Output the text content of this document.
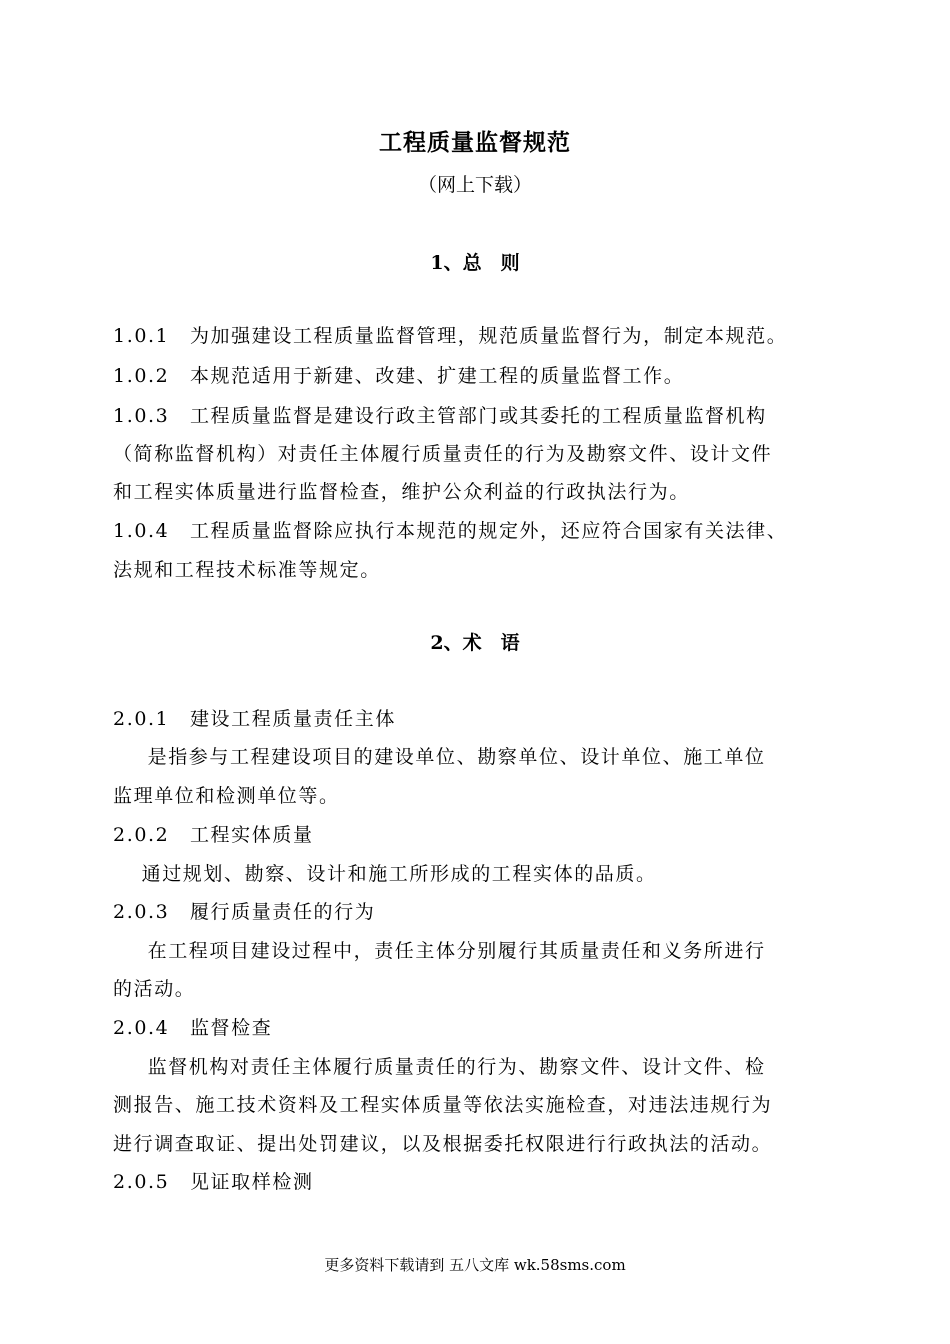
工程质量监督规范
（网上下载）
1、总　则
1.0.1　为加强建设工程质量监督管理，规范质量监督行为，制定本规范。
1.0.2　本规范适用于新建、改建、扩建工程的质量监督工作。
1.0.3　工程质量监督是建设行政主管部门或其委托的工程质量监督机构
（简称监督机构）对责任主体履行质量责任的行为及勘察文件、设计文件
和工程实体质量进行监督检查，维护公众利益的行政执法行为。
1.0.4　工程质量监督除应执行本规范的规定外，还应符合国家有关法律、
法规和工程技术标准等规定。
2、术　语
2.0.1　建设工程质量责任主体
　是指参与工程建设项目的建设单位、勘察单位、设计单位、施工单位
监理单位和检测单位等。
2.0.2　工程实体质量
　通过规划、勘察、设计和施工所形成的工程实体的品质。
2.0.3　履行质量责任的行为
　在工程项目建设过程中，责任主体分别履行其质量责任和义务所进行
的活动。
2.0.4　监督检查
　监督机构对责任主体履行质量责任的行为、勘察文件、设计文件、检
测报告、施工技术资料及工程实体质量等依法实施检查，对违法违规行为
进行调查取证、提出处罚建议，以及根据委托权限进行行政执法的活动。
2.0.5　见证取样检测
更多资料下载请到 五八文库 wk.58sms.com
